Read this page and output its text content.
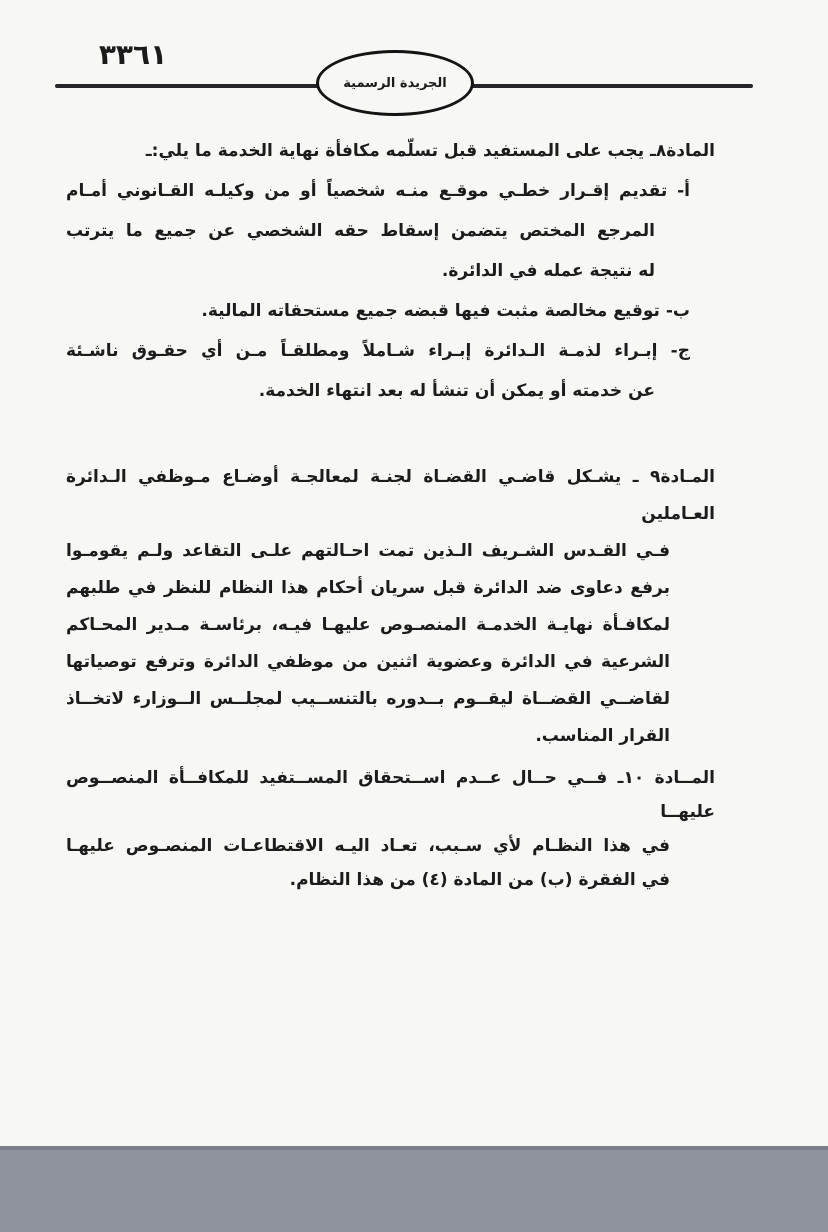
٣٣٦١
الجريدة الرسمية
المادة٨ـ يجب على المستفيد قبل تسلّمه مكافأة نهاية الخدمة ما يلي:ـ
أ- تقديم إقـرار خطـي موقـع منـه شخصياً أو من وكيلـه القـانوني أمـام
المرجع المختص يتضمن إسقاط حقه الشخصي عن جميع ما يترتب
له نتيجة عمله في الدائرة.
ب- توقيع مخالصة مثبت فيها قبضه جميع مستحقاته المالية.
ج- إبـراء لذمـة الـدائرة إبـراء شـاملاً ومطلقـاً مـن أي حقـوق ناشـئة
عن خدمته أو يمكن أن تنشأ له بعد انتهاء الخدمة.
المـادة٩ ـ يشـكل قاضـي القضـاة لجنـة لمعالجـة أوضـاع مـوظفي الـدائرة العـاملين
فـي القـدس الشـريف الـذين تمت احـالتهم علـى التقاعد ولـم يقومـوا
برفع دعاوى ضد الدائرة قبل سريان أحكام هذا النظام للنظر في طلبهم
لمكافـأة نهايـة الخدمـة المنصـوص عليهـا فيـه، برئاسـة مـدير المحـاكم
الشرعية في الدائرة وعضوية اثنين من موظفي الدائرة وترفع توصياتها
لقاضــي القضــاة ليقــوم بــدوره بالتنســيب لمجلــس الــوزارء لاتخــاذ
القرار المناسب.
المــادة ١٠ـ فــي حــال عــدم اســتحقاق المســتفيد للمكافــأة المنصــوص عليهــا
في هذا النظـام لأي سـبب، تعـاد اليـه الاقتطاعـات المنصـوص عليهـا
في الفقرة (ب) من المادة (٤) من هذا النظام.
